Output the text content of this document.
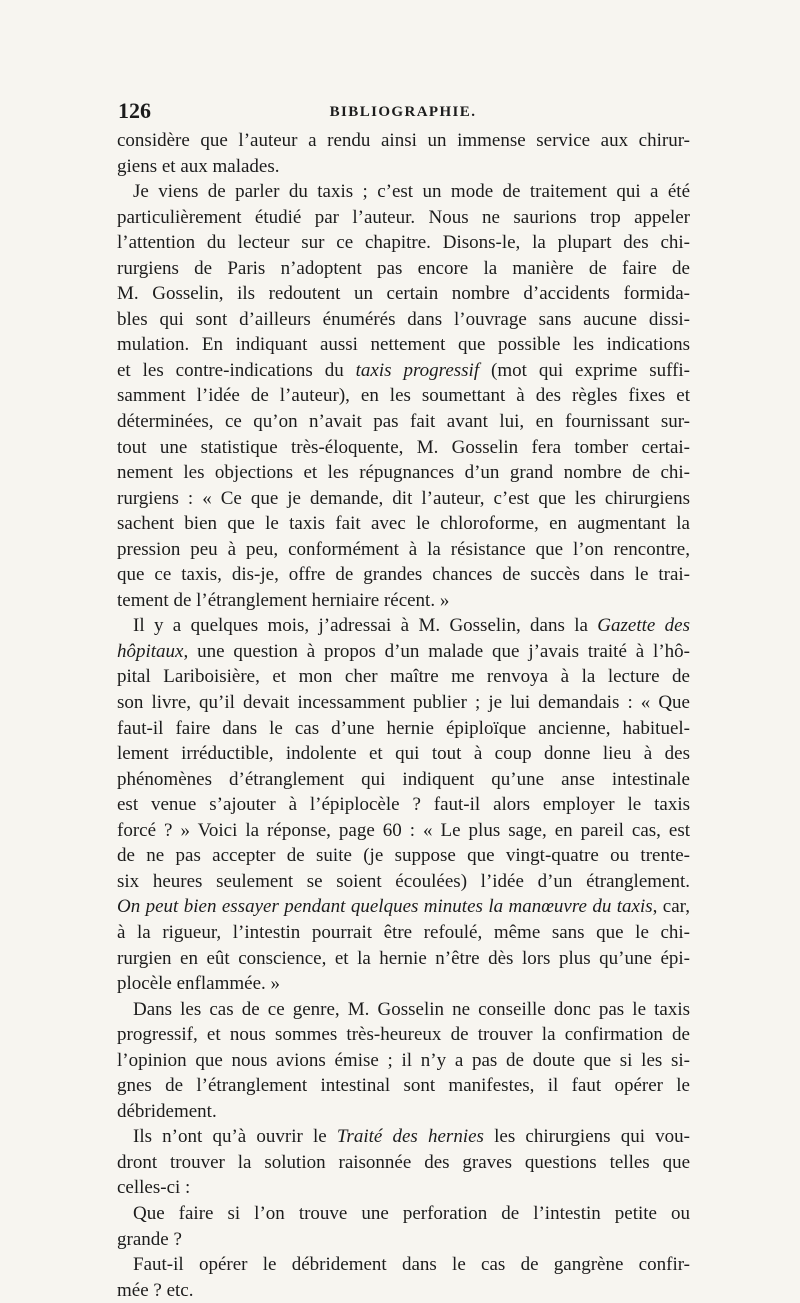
126	BIBLIOGRAPHIE.
considère que l’auteur a rendu ainsi un immense service aux chirur-
giens et aux malades.
Je viens de parler du taxis ; c’est un mode de traitement qui a été
particulièrement étudié par l’auteur. Nous ne saurions trop appeler
l’attention du lecteur sur ce chapitre. Disons-le, la plupart des chi-
rurgiens de Paris n’adoptent pas encore la manière de faire de
M. Gosselin, ils redoutent un certain nombre d’accidents formida-
bles qui sont d’ailleurs énumérés dans l’ouvrage sans aucune dissi-
mulation. En indiquant aussi nettement que possible les indications
et les contre-indications du taxis progressif (mot qui exprime suffi-
samment l’idée de l’auteur), en les soumettant à des règles fixes et
déterminées, ce qu’on n’avait pas fait avant lui, en fournissant sur-
tout une statistique très-éloquente, M. Gosselin fera tomber certai-
nement les objections et les répugnances d’un grand nombre de chi-
rurgiens : « Ce que je demande, dit l’auteur, c’est que les chirurgiens
sachent bien que le taxis fait avec le chloroforme, en augmentant la
pression peu à peu, conformément à la résistance que l’on rencontre,
que ce taxis, dis-je, offre de grandes chances de succès dans le trai-
tement de l’étranglement herniaire récent. »
Il y a quelques mois, j’adressai à M. Gosselin, dans la Gazette des
hôpitaux, une question à propos d’un malade que j’avais traité à l’hô-
pital Lariboisière, et mon cher maître me renvoya à la lecture de
son livre, qu’il devait incessamment publier ; je lui demandais : « Que
faut-il faire dans le cas d’une hernie épiploïque ancienne, habituel-
lement irréductible, indolente et qui tout à coup donne lieu à des
phénomènes d’étranglement qui indiquent qu’une anse intestinale
est venue s’ajouter à l’épiplocèle ? faut-il alors employer le taxis
forcé ? » Voici la réponse, page 60 : « Le plus sage, en pareil cas, est
de ne pas accepter de suite (je suppose que vingt-quatre ou trente-
six heures seulement se soient écoulées) l’idée d’un étranglement.
On peut bien essayer pendant quelques minutes la manœuvre du taxis, car,
à la rigueur, l’intestin pourrait être refoulé, même sans que le chi-
rurgien en eût conscience, et la hernie n’être dès lors plus qu’une épi-
plocèle enflammée. »
Dans les cas de ce genre, M. Gosselin ne conseille donc pas le taxis
progressif, et nous sommes très-heureux de trouver la confirmation de
l’opinion que nous avions émise ; il n’y a pas de doute que si les si-
gnes de l’étranglement intestinal sont manifestes, il faut opérer le
débridement.
Ils n’ont qu’à ouvrir le Traité des hernies les chirurgiens qui vou-
dront trouver la solution raisonnée des graves questions telles que
celles-ci :
Que faire si l’on trouve une perforation de l’intestin petite ou
grande ?
Faut-il opérer le débridement dans le cas de gangrène confir-
mée ? etc.
